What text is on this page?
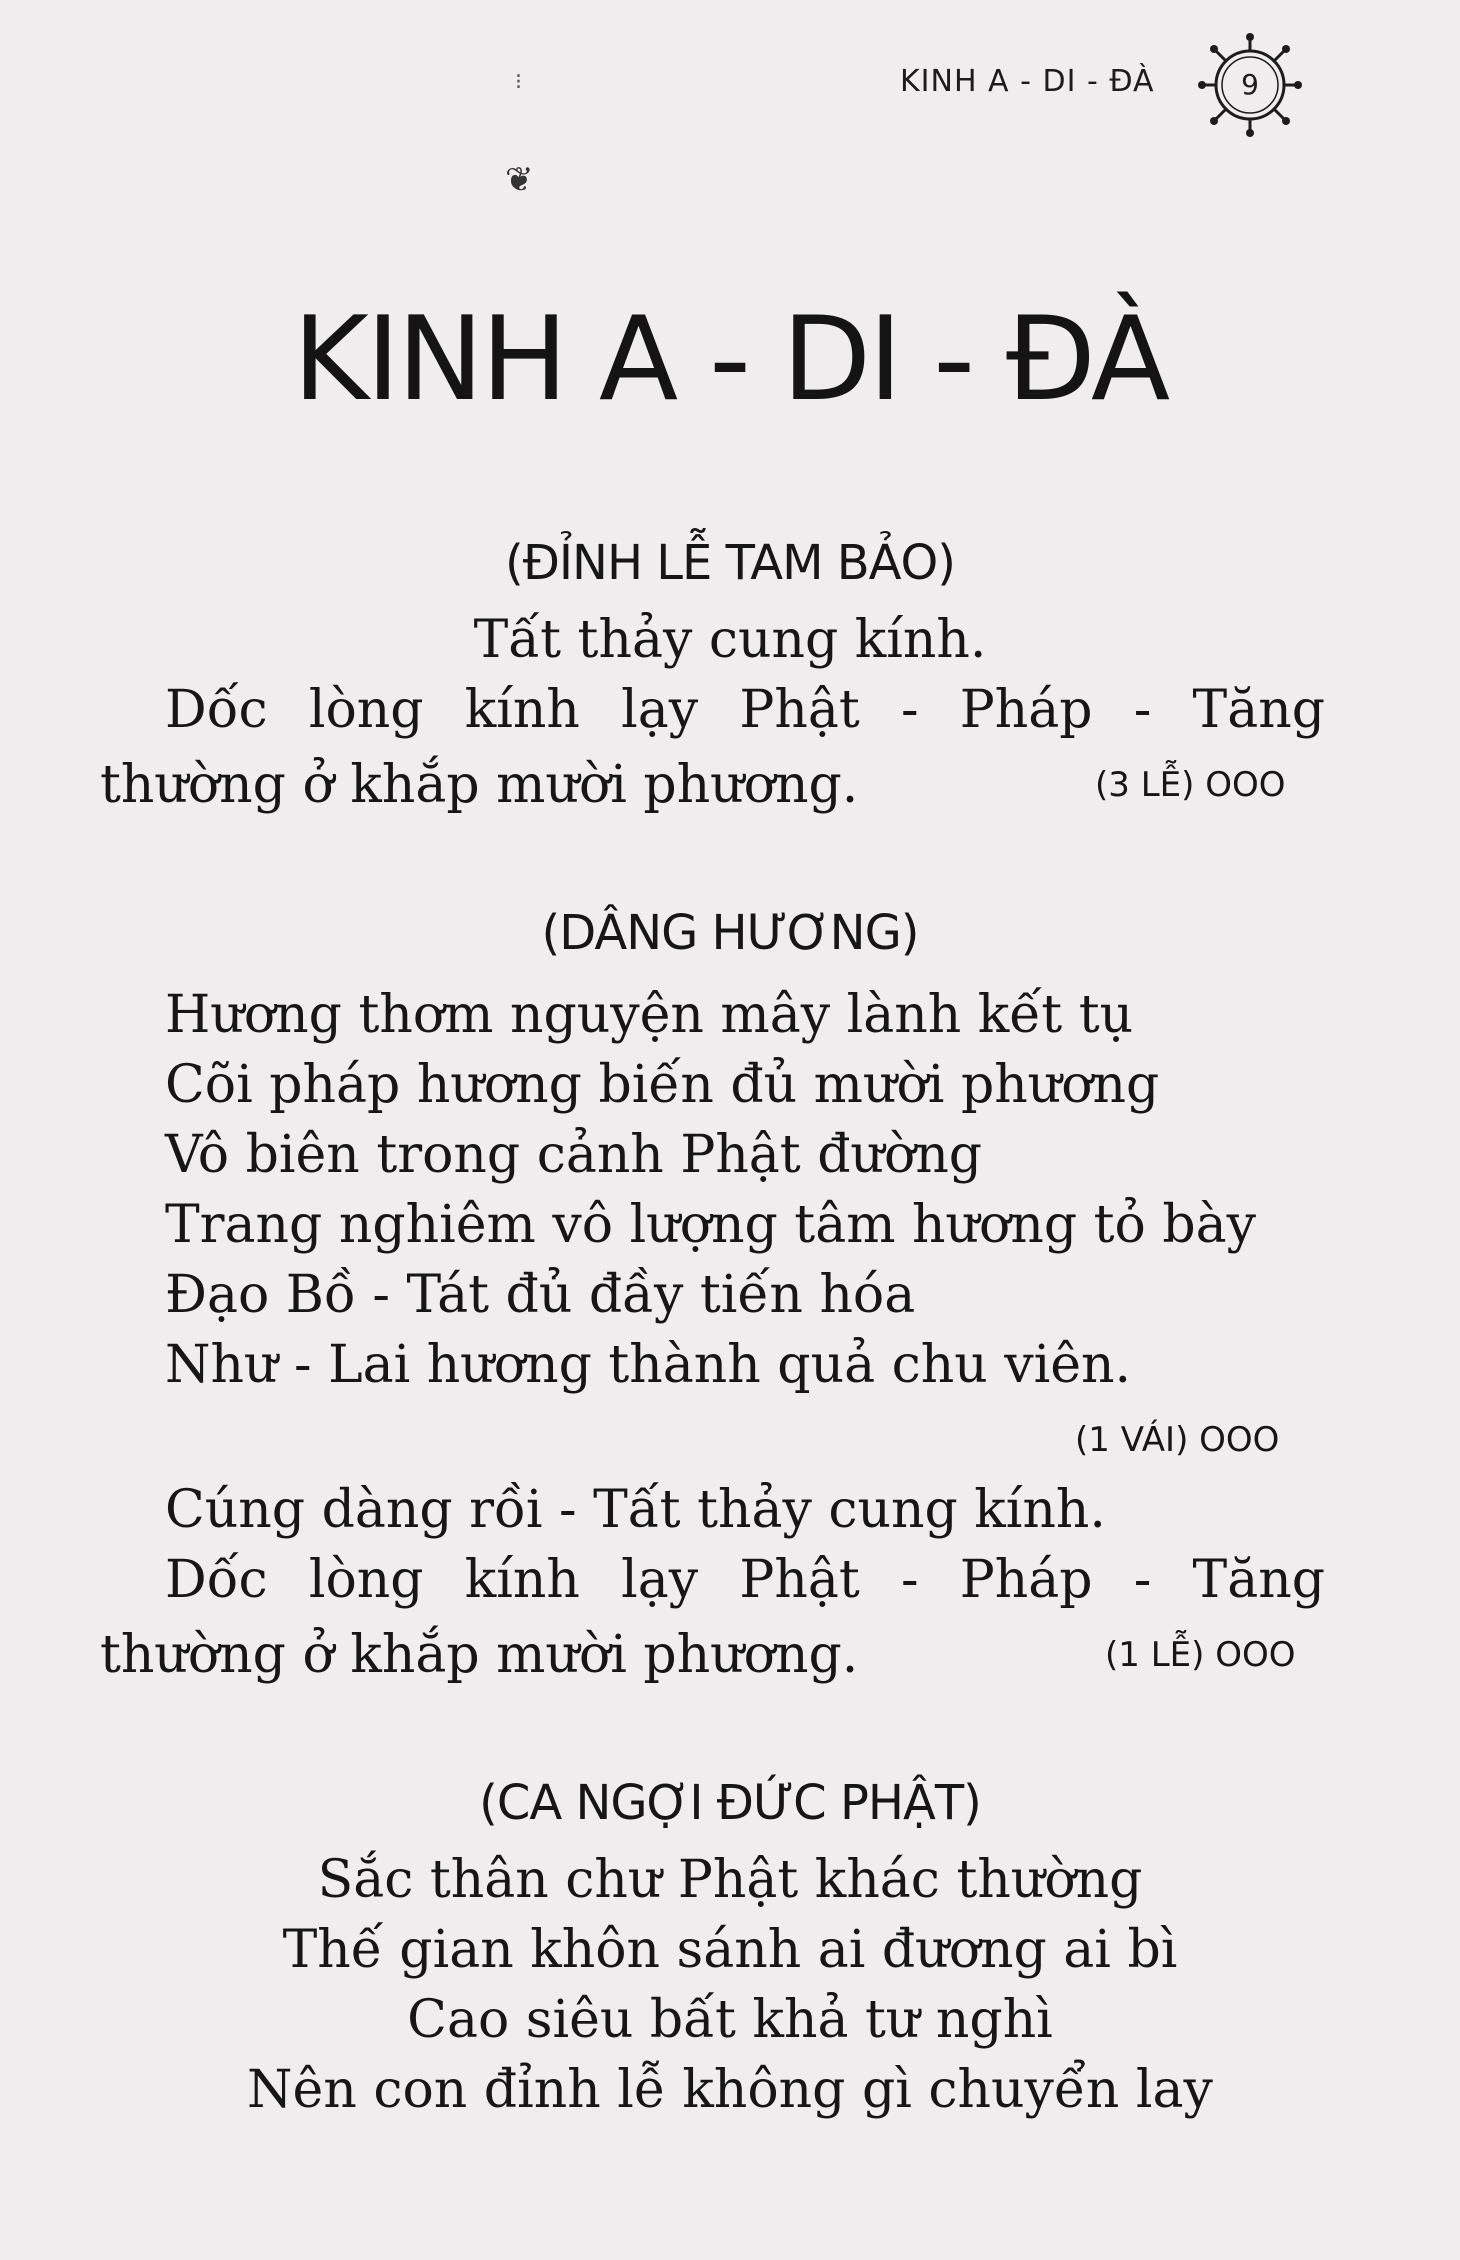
KINH A - DI - ĐÀ	9
⁝
❦
KINH A - DI - ĐÀ
(ĐỈNH LỄ TAM BẢO)
Tất thảy cung kính.
Dốc lòng kính lạy Phật - Pháp - Tăng
thường ở khắp mười phương.	(3 LỄ) OOO
(DÂNG HƯƠNG)
Hương thơm nguyện mây lành kết tụ
Cõi pháp hương biến đủ mười phương
Vô biên trong cảnh Phật đường
Trang nghiêm vô lượng tâm hương tỏ bày
Đạo Bồ - Tát đủ đầy tiến hóa
Như - Lai hương thành quả chu viên.
(1 VÁI) OOO
Cúng dàng rồi - Tất thảy cung kính.
Dốc lòng kính lạy Phật - Pháp - Tăng
thường ở khắp mười phương.	(1 LỄ) OOO
(CA NGỢI ĐỨC PHẬT)
Sắc thân chư Phật khác thường
Thế gian khôn sánh ai đương ai bì
Cao siêu bất khả tư nghì
Nên con đỉnh lễ không gì chuyển lay
